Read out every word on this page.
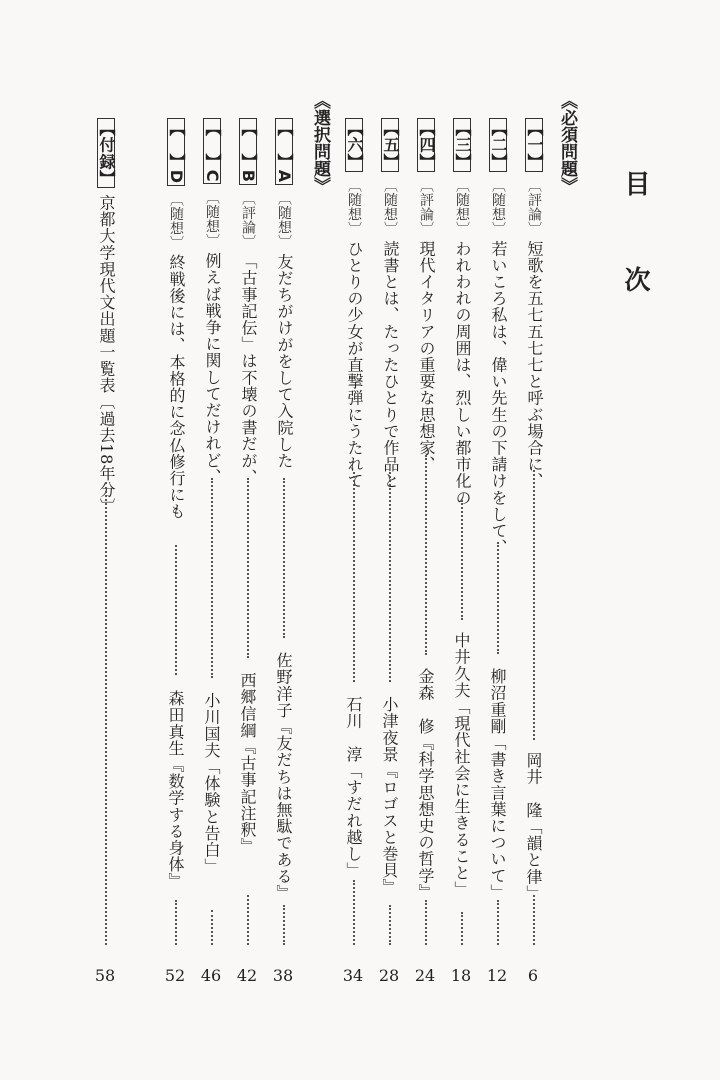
目　次
《必須問題》
【一】〔評論〕短歌を五七五七七と呼ぶ場合に、
岡井　隆「韻と律」
6
【二】〔随想〕若いころ私は、偉い先生の下請けをして、
柳沼重剛「書き言葉について」
12
【三】〔随想〕われわれの周囲は、烈しい都市化の
中井久夫「現代社会に生きること」
18
【四】〔評論〕現代イタリアの重要な思想家、
金森　修『科学思想史の哲学』
24
【五】〔随想〕読書とは、たったひとりで作品と
小津夜景『ロゴスと巻貝』
28
【六】〔随想〕ひとりの少女が直撃弾にうたれて
石川　淳「すだれ越し」
34
《選択問題》
【　】A〔随想〕友だちがけがをして入院した
佐野洋子『友だちは無駄である』
38
【　】B〔評論〕「古事記伝」は不壊の書だが、
西郷信綱『古事記注釈』
42
【　】C〔随想〕例えば戦争に関してだけれど、
小川国夫「体験と告白」
46
【　】D〔随想〕終戦後には、本格的に念仏修行にも
森田真生『数学する身体』
52
【付録】京都大学現代文出題一覧表〔過去18年分〕
58
